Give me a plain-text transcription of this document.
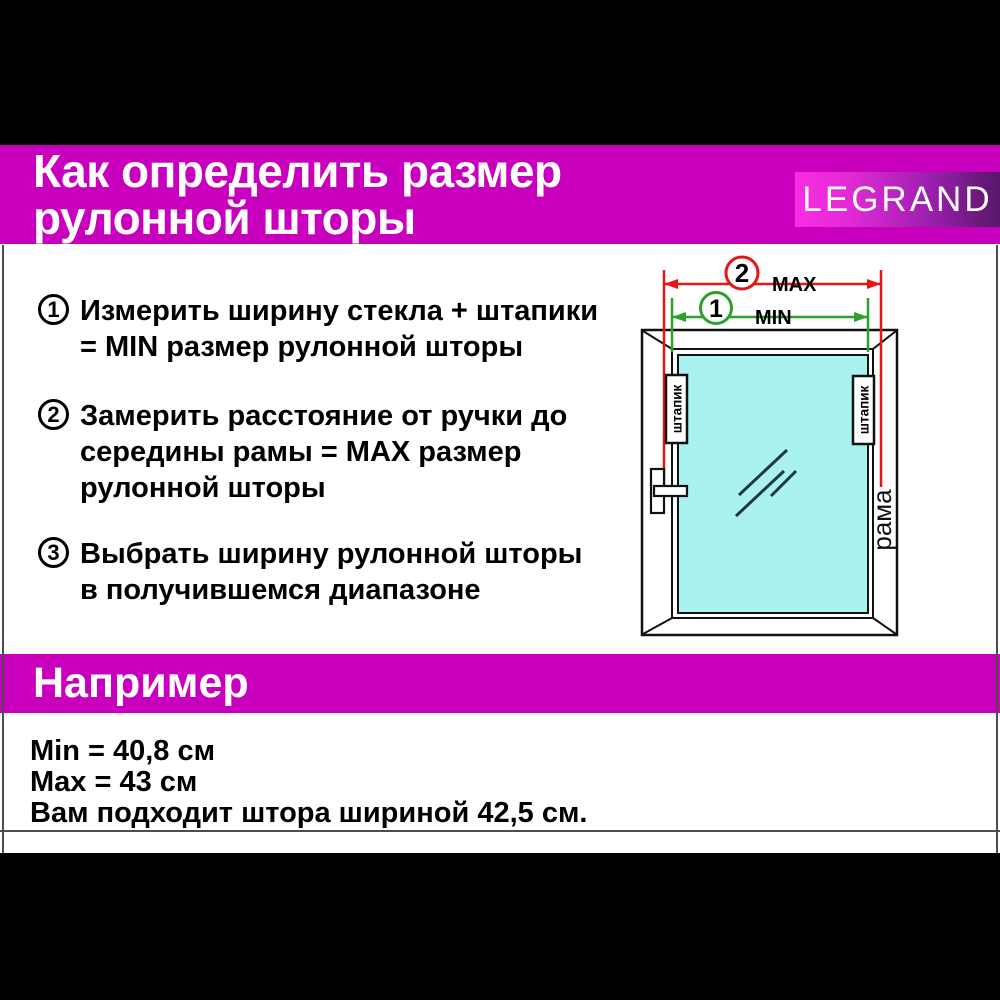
Как определить размер
рулонной шторы	LEGRAND
1 Измерить ширину стекла + штапики
= MIN размер рулонной шторы
2 Замерить расстояние от ручки до
середины рамы = MAX размер
рулонной шторы
3 Выбрать ширину рулонной шторы
в получившемся диапазоне
2 MAX
1 MIN
штапик	штапик
рама
Например
Min = 40,8 см
Max = 43 см
Вам подходит штора шириной 42,5 см.
